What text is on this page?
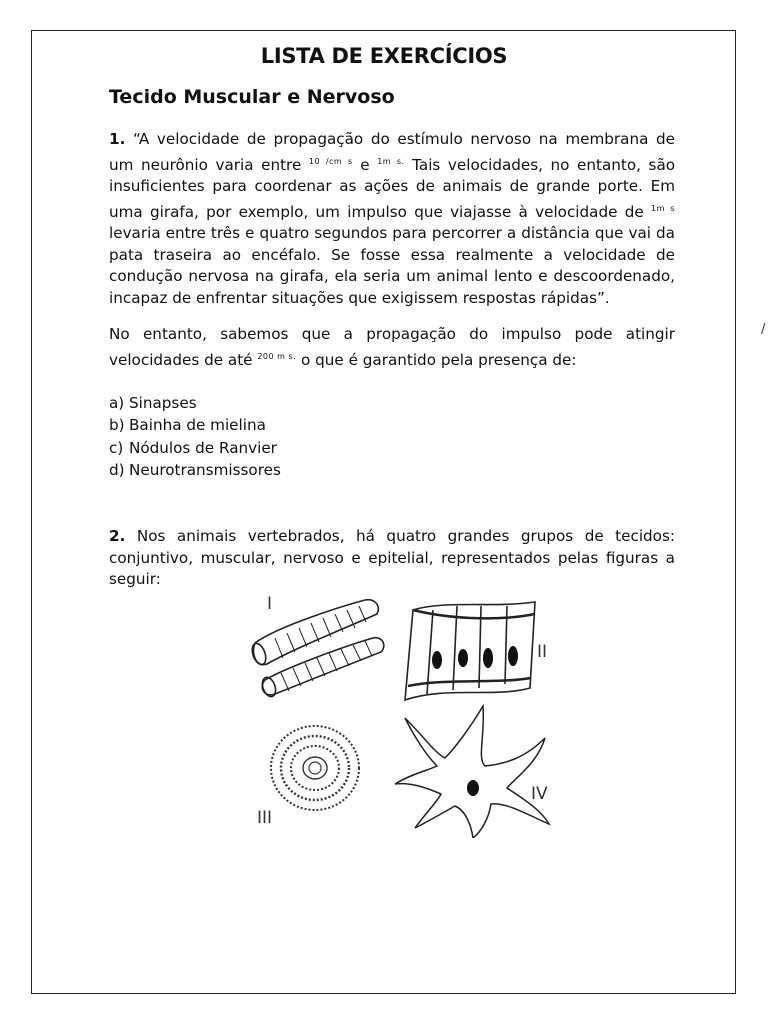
LISTA DE EXERCÍCIOS
Tecido Muscular e Nervoso
1. “A velocidade de propagação do estímulo nervoso na membrana de um neurônio varia entre $^{10 /cm s}$ e $^{1m s.}$ Tais velocidades, no entanto, são insuficientes para coordenar as ações de animais de grande porte. Em uma girafa, por exemplo, um impulso que viajasse à velocidade de $^{1m s}$ levaria entre três e quatro segundos para percorrer a distância que vai da pata traseira ao encéfalo. Se fosse essa realmente a velocidade de condução nervosa na girafa, ela seria um animal lento e descoordenado, incapaz de enfrentar situações que exigissem respostas rápidas”.
No entanto, sabemos que a propagação do impulso pode atingir velocidades de até $^{200 m s.}$ o que é garantido pela presença de:
a) Sinapses
b) Bainha de mielina
c) Nódulos de Ranvier
d) Neurotransmissores
2. Nos animais vertebrados, há quatro grandes grupos de tecidos: conjuntivo, muscular, nervoso e epitelial, representados pelas figuras a seguir:
/
I
II
III
IV
